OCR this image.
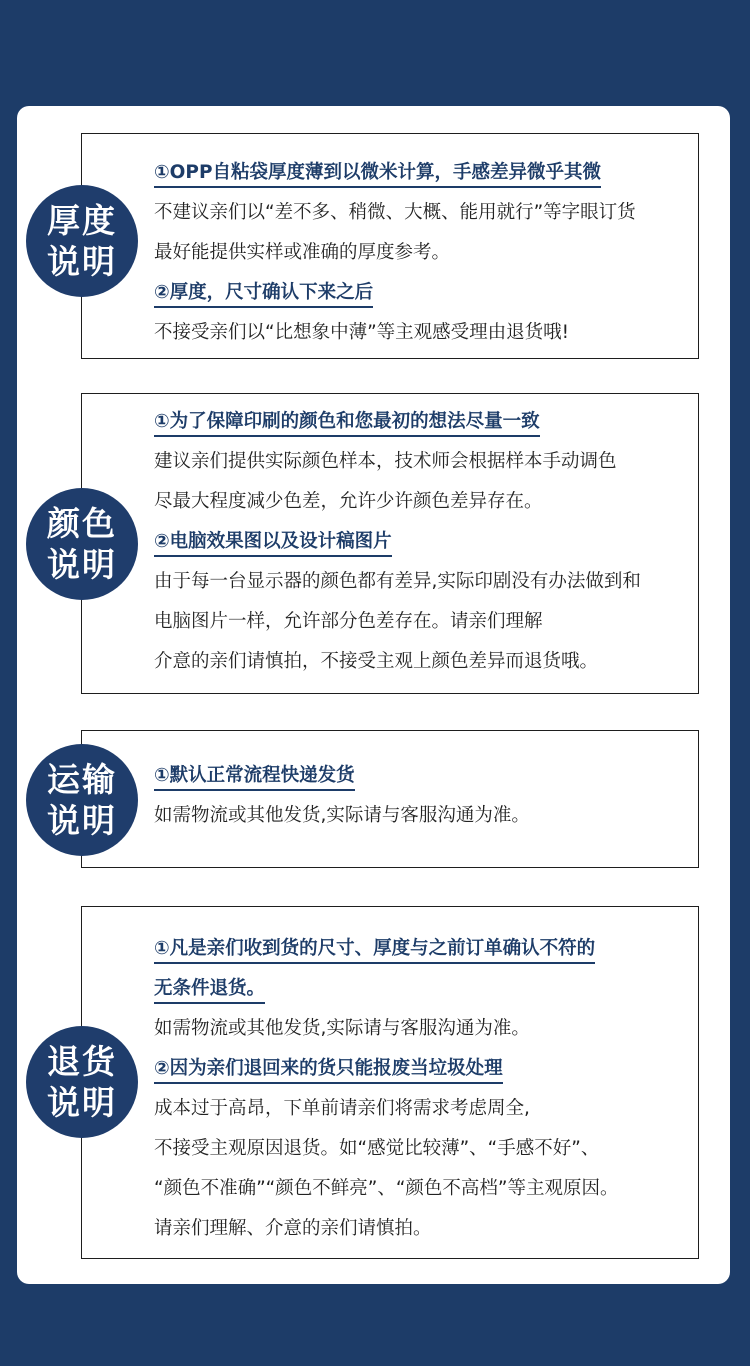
①OPP自粘袋厚度薄到以微米计算，手感差异微乎其微
不建议亲们以“差不多、稍微、大概、能用就行”等字眼订货
最好能提供实样或准确的厚度参考。
②厚度，尺寸确认下来之后
不接受亲们以“比想象中薄”等主观感受理由退货哦!
厚度
说明
①为了保障印刷的颜色和您最初的想法尽量一致
建议亲们提供实际颜色样本，技术师会根据样本手动调色
尽最大程度减少色差，允许少许颜色差异存在。
②电脑效果图以及设计稿图片
由于每一台显示器的颜色都有差异,实际印剧没有办法做到和
电脑图片一样，允许部分色差存在。请亲们理解
介意的亲们请慎拍，不接受主观上颜色差异而退货哦。
颜色
说明
①默认正常流程快递发货
如需物流或其他发货,实际请与客服沟通为准。
运输
说明
①凡是亲们收到货的尺寸、厚度与之前订单确认不符的
无条件退货。
如需物流或其他发货,实际请与客服沟通为准。
②因为亲们退回来的货只能报废当垃圾处理
成本过于高昂，下单前请亲们将需求考虑周全,
不接受主观原因退货。如“感觉比较薄”、“手感不好”、
“颜色不准确”“颜色不鲜亮”、“颜色不高档”等主观原因。
请亲们理解、介意的亲们请慎拍。
退货
说明
